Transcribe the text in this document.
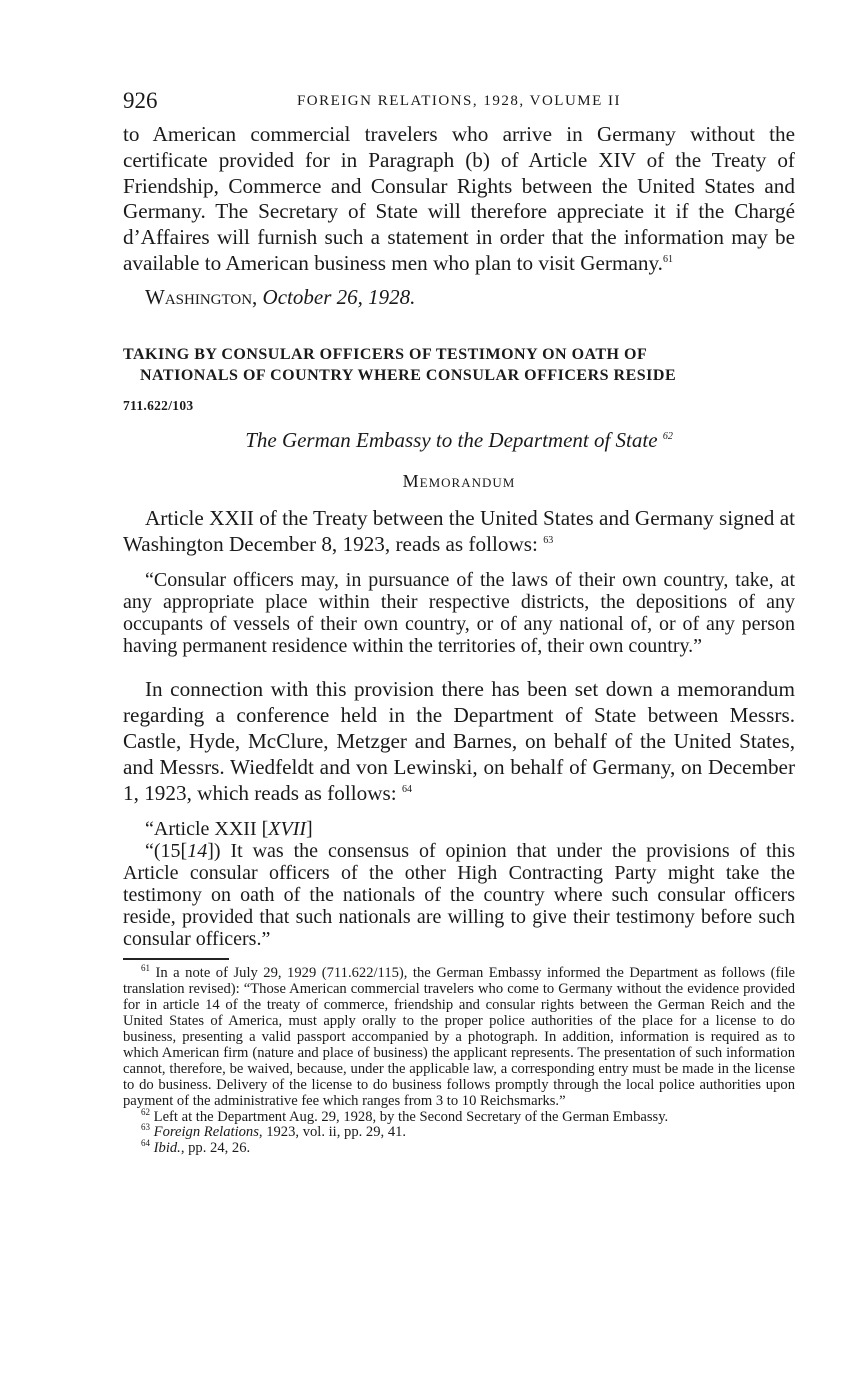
926	FOREIGN RELATIONS, 1928, VOLUME II

to American commercial travelers who arrive in Germany without the certificate provided for in Paragraph (b) of Article XIV of the Treaty of Friendship, Commerce and Consular Rights between the United States and Germany. The Secretary of State will therefore appreciate it if the Chargé d’Affaires will furnish such a statement in order that the information may be available to American business men who plan to visit Germany.$^{61}$

Washington, October 26, 1928.
TAKING BY CONSULAR OFFICERS OF TESTIMONY ON OATH OF
NATIONALS OF COUNTRY WHERE CONSULAR OFFICERS RESIDE
711.622/103
The German Embassy to the Department of State $^{62}$
Memorandum

Article XXII of the Treaty between the United States and Germany signed at Washington December 8, 1923, reads as follows: $^{63}$

“Consular officers may, in pursuance of the laws of their own country, take, at any appropriate place within their respective districts, the depositions of any occupants of vessels of their own country, or of any national of, or of any person having permanent residence within the territories of, their own country.”

In connection with this provision there has been set down a memorandum regarding a conference held in the Department of State between Messrs. Castle, Hyde, McClure, Metzger and Barnes, on behalf of the United States, and Messrs. Wiedfeldt and von Lewinski, on behalf of Germany, on December 1, 1923, which reads as follows: $^{64}$

“Article XXII [XVII]

“(15[14]) It was the consensus of opinion that under the provisions of this Article consular officers of the other High Contracting Party might take the testimony on oath of the nationals of the country where such consular officers reside, provided that such nationals are willing to give their testimony before such consular officers.”

$^{61}$ In a note of July 29, 1929 (711.622/115), the German Embassy informed the Department as follows (file translation revised): “Those American commercial travelers who come to Germany without the evidence provided for in article 14 of the treaty of commerce, friendship and consular rights between the German Reich and the United States of America, must apply orally to the proper police authorities of the place for a license to do business, presenting a valid passport accompanied by a photograph. In addition, information is required as to which American firm (nature and place of business) the applicant represents. The presentation of such information cannot, therefore, be waived, because, under the applicable law, a corresponding entry must be made in the license to do business. Delivery of the license to do business follows promptly through the local police authorities upon payment of the administrative fee which ranges from 3 to 10 Reichsmarks.”

$^{62}$ Left at the Department Aug. 29, 1928, by the Second Secretary of the German Embassy.

$^{63}$ Foreign Relations, 1923, vol. ii, pp. 29, 41.

$^{64}$ Ibid., pp. 24, 26.
